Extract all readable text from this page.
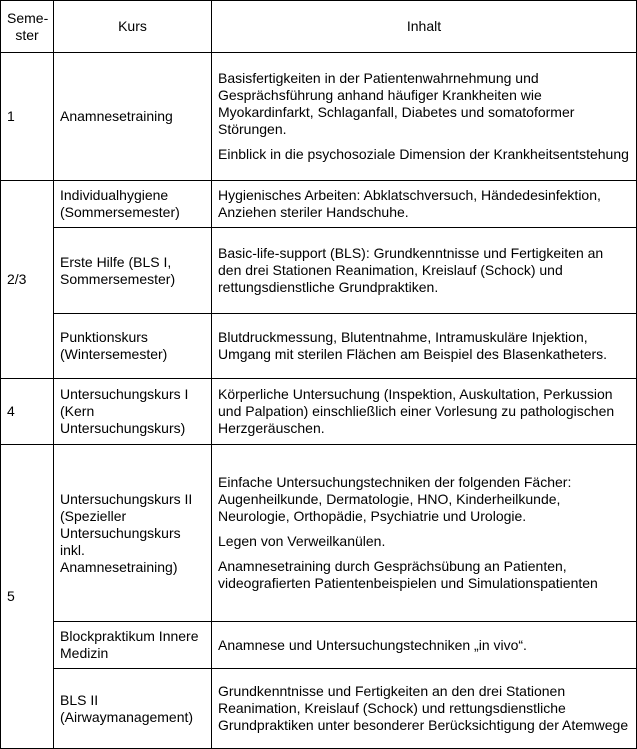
Seme-
ster	Kurs	Inhalt
1	Anamnesetraining	Basisfertigkeiten in der Patientenwahrnehmung und Gesprächsführung anhand häufiger Krankheiten wie Myokardinfarkt, Schlaganfall, Diabetes und somatoformer Störungen.

Einblick in die psychosoziale Dimension der Krankheitsentstehung

2/3	Individualhygiene (Sommersemester)	Hygienisches Arbeiten: Abklatschversuch, Händedesinfektion, Anziehen steriler Handschuhe.

	Erste Hilfe (BLS I, Sommersemester)	Basic-life-support (BLS): Grundkenntnisse und Fertigkeiten an den drei Stationen Reanimation, Kreislauf (Schock) und rettungsdienstliche Grundpraktiken.

	Punktionskurs (Wintersemester)	Blutdruckmessung, Blutentnahme, Intramuskuläre Injektion, Umgang mit sterilen Flächen am Beispiel des Blasenkatheters.

4	Untersuchungskurs I (Kern Untersuchungskurs)	Körperliche Untersuchung (Inspektion, Auskultation, Perkussion und Palpation) einschließlich einer Vorlesung zu pathologischen Herzgeräuschen.

5	Untersuchungskurs II (Spezieller Untersuchungskurs inkl. Anamnesetraining)	Einfache Untersuchungstechniken der folgenden Fächer: Augenheilkunde, Dermatologie, HNO, Kinderheilkunde, Neurologie, Orthopädie, Psychiatrie und Urologie.

Legen von Verweilkanülen.

Anamnesetraining durch Gesprächsübung an Patienten, videografierten Patientenbeispielen und Simulationspatienten

	Blockpraktikum Innere Medizin	Anamnese und Untersuchungstechniken „in vivo“.

	BLS II (Airwaymanagement)	Grundkenntnisse und Fertigkeiten an den drei Stationen Reanimation, Kreislauf (Schock) und rettungsdienstliche Grundpraktiken unter besonderer Berücksichtigung der Atemwege
